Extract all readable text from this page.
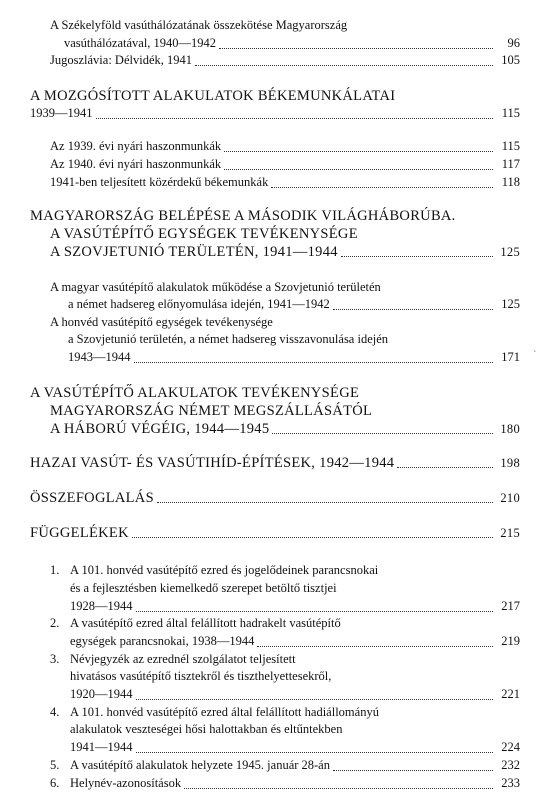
A Székelyföld vasúthálózatának összekötése Magyarország
vasúthálózatával, 1940—1942	96
Jugoszlávia: Délvidék, 1941	105
A MOZGÓSÍTOTT ALAKULATOK BÉKEMUNKÁLATAI
1939—1941	115
Az 1939. évi nyári haszonmunkák	115
Az 1940. évi nyári haszonmunkák	117
1941-ben teljesített közérdekű békemunkák	118
MAGYARORSZÁG BELÉPÉSE A MÁSODIK VILÁGHÁBORÚBA.
A VASÚTÉPÍTŐ EGYSÉGEK TEVÉKENYSÉGE
A SZOVJETUNIÓ TERÜLETÉN, 1941—1944	125
A magyar vasútépítő alakulatok működése a Szovjetunió területén
a német hadsereg előnyomulása idején, 1941—1942	125
A honvéd vasútépítő egységek tevékenysége
a Szovjetunió területén, a német hadsereg visszavonulása idején
1943—1944	171 `
A VASÚTÉPÍTŐ ALAKULATOK TEVÉKENYSÉGE
MAGYARORSZÁG NÉMET MEGSZÁLLÁSÁTÓL
A HÁBORÚ VÉGÉIG, 1944—1945	180
HAZAI VASÚT- ÉS VASÚTIHÍD-ÉPÍTÉSEK, 1942—1944	198
ÖSSZEFOGLALÁS	210
FÜGGELÉKEK	215
1. A 101. honvéd vasútépítő ezred és jogelődeinek parancsnokai
és a fejlesztésben kiemelkedő szerepet betöltő tisztjei
1928—1944	217
2. A vasútépítő ezred által felállított hadrakelt vasútépítő
egységek parancsnokai, 1938—1944	219
3. Névjegyzék az ezrednél szolgálatot teljesített
hivatásos vasútépítő tisztekről és tiszthelyettesekről,
1920—1944	221
4. A 101. honvéd vasútépítő ezred által felállított hadiállományú
alakulatok veszteségei hősi halottakban és eltűntekben
1941—1944	224
5. A vasútépítő alakulatok helyzete 1945. január 28-án	232
6. Helynév-azonosítások	233
